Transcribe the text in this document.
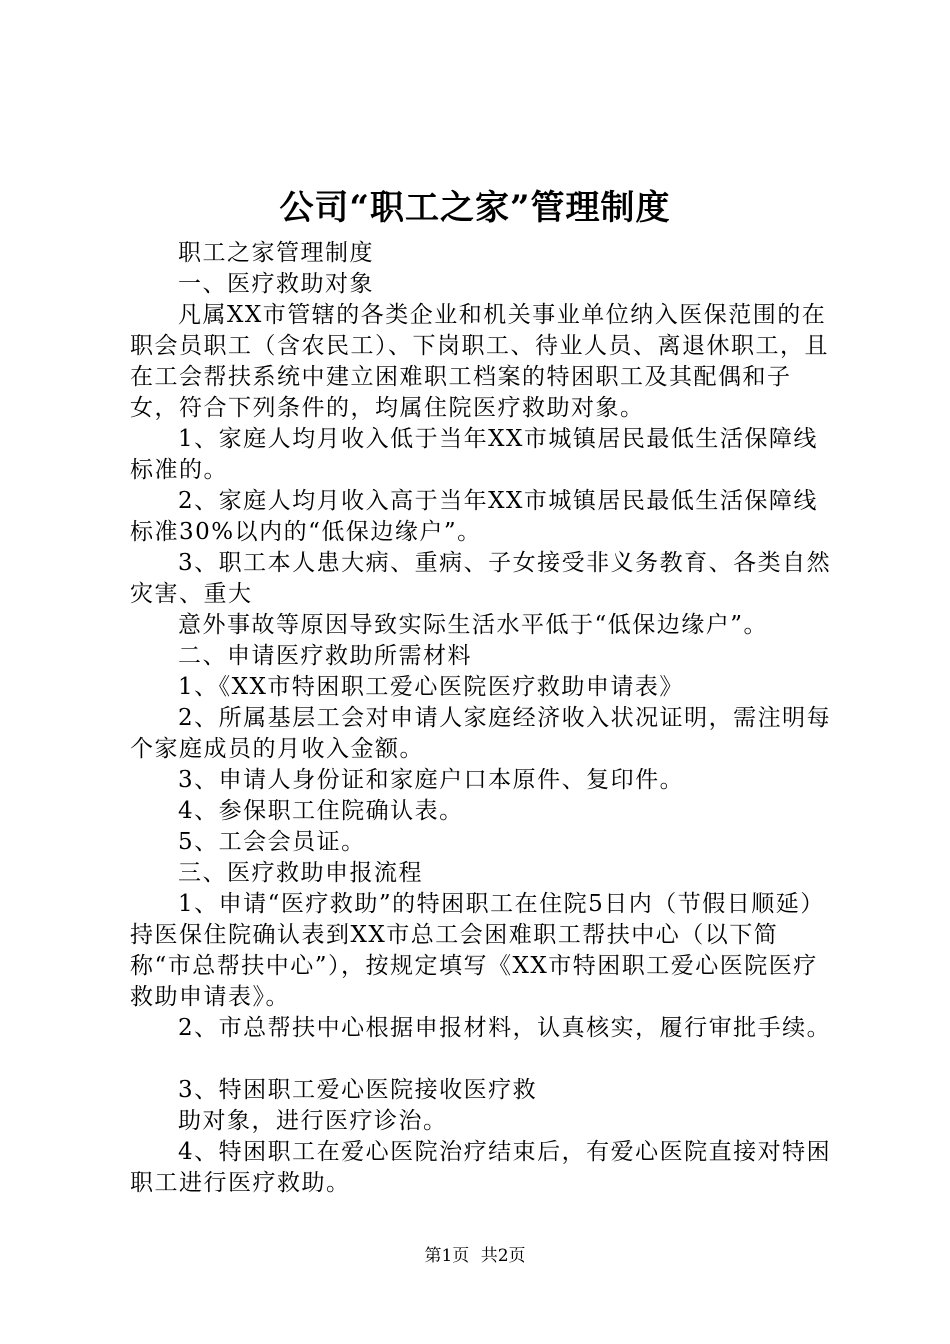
公司“职工之家”管理制度

职工之家管理制度

一、医疗救助对象

凡属XX市管辖的各类企业和机关事业单位纳入医保范围的在职会员职工（含农民工）、下岗职工、待业人员、离退休职工，且在工会帮扶系统中建立困难职工档案的特困职工及其配偶和子女，符合下列条件的，均属住院医疗救助对象。

1、家庭人均月收入低于当年XX市城镇居民最低生活保障线标准的。

2、家庭人均月收入高于当年XX市城镇居民最低生活保障线标准30%以内的“低保边缘户”。

3、职工本人患大病、重病、子女接受非义务教育、各类自然灾害、重大

意外事故等原因导致实际生活水平低于“低保边缘户”。

二、申请医疗救助所需材料

1、《XX市特困职工爱心医院医疗救助申请表》

2、所属基层工会对申请人家庭经济收入状况证明，需注明每个家庭成员的月收入金额。

3、申请人身份证和家庭户口本原件、复印件。

4、参保职工住院确认表。

5、工会会员证。

三、医疗救助申报流程

1、申请“医疗救助”的特困职工在住院5日内（节假日顺延）持医保住院确认表到XX市总工会困难职工帮扶中心（以下简称“市总帮扶中心”），按规定填写《XX市特困职工爱心医院医疗救助申请表》。

2、市总帮扶中心根据申报材料，认真核实，履行审批手续。

3、特困职工爱心医院接收医疗救

助对象，进行医疗诊治。

4、特困职工在爱心医院治疗结束后，有爱心医院直接对特困职工进行医疗救助。

第1页 共2页
